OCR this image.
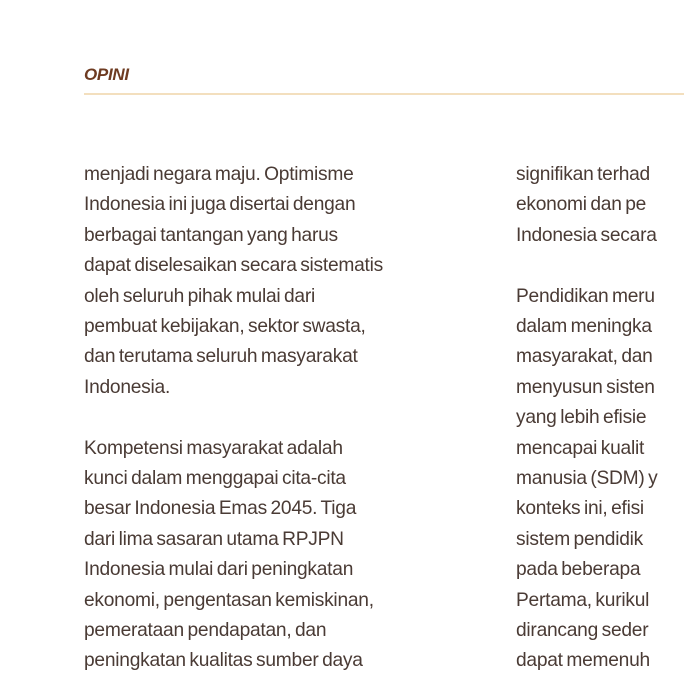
OPINI
menjadi negara maju. Optimisme
Indonesia ini juga disertai dengan
berbagai tantangan yang harus
dapat diselesaikan secara sistematis
oleh seluruh pihak mulai dari
pembuat kebijakan, sektor swasta,
dan terutama seluruh masyarakat
Indonesia.
Kompetensi masyarakat adalah
kunci dalam menggapai cita-cita
besar Indonesia Emas 2045. Tiga
dari lima sasaran utama RPJPN
Indonesia mulai dari peningkatan
ekonomi, pengentasan kemiskinan,
pemerataan pendapatan, dan
peningkatan kualitas sumber daya
signifikan terhad
ekonomi dan pe
Indonesia secara
Pendidikan meru
dalam meningka
masyarakat, dan
menyusun sisten
yang lebih efisie
mencapai kualit
manusia (SDM) y
konteks ini, efisi
sistem pendidik
pada beberapa
Pertama, kurikul
dirancang seder
dapat memenuh
